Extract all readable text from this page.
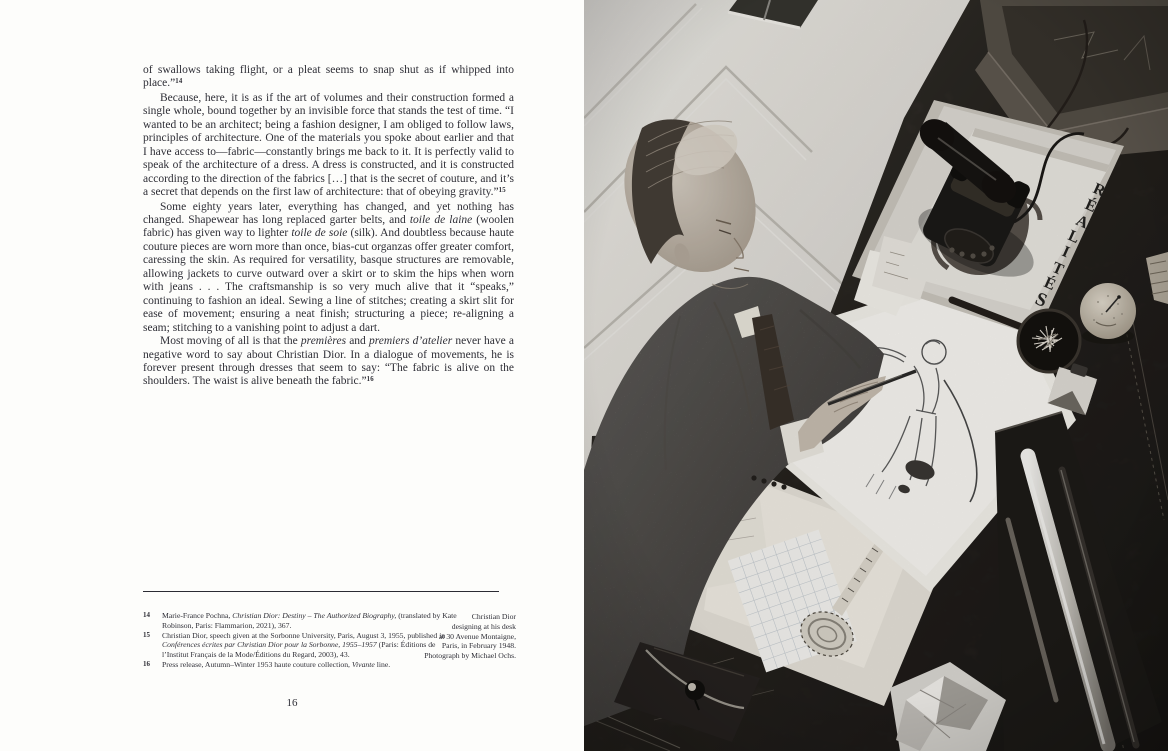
of swallows taking flight, or a pleat seems to snap shut as if whipped into place.”$^{14}$

Because, here, it is as if the art of volumes and their construction formed a single whole, bound together by an invisible force that stands the test of time. “I wanted to be an architect; being a fashion designer, I am obliged to follow laws, principles of architecture. One of the materials you spoke about earlier and that I have access to—fabric—constantly brings me back to it. It is perfectly valid to speak of the architecture of a dress. A dress is constructed, and it is constructed according to the direction of the fabrics […] that is the secret of couture, and it’s a secret that depends on the first law of architecture: that of obeying gravity.”$^{15}$

Some eighty years later, everything has changed, and yet nothing has changed. Shapewear has long replaced garter belts, and toile de laine (woolen fabric) has given way to lighter toile de soie (silk). And doubtless because haute couture pieces are worn more than once, bias-cut organzas offer greater comfort, caressing the skin. As required for versatility, basque structures are removable, allowing jackets to curve outward over a skirt or to skim the hips when worn with jeans . . . The craftsmanship is so very much alive that it “speaks,” continuing to fashion an ideal. Sewing a line of stitches; creating a skirt slit for ease of movement; ensuring a neat finish; structuring a piece; re-aligning a seam; stitching to a vanishing point to adjust a dart.

Most moving of all is that the premières and premiers d’atelier never have a negative word to say about Christian Dior. In a dialogue of movements, he is forever present through dresses that seem to say: “The fabric is alive on the shoulders. The waist is alive beneath the fabric.”$^{16}$

14 Marie-France Pochna, Christian Dior: Destiny – The Authorized Biography, (translated by Kate Robinson, Paris: Flammarion, 2021), 367.
15 Christian Dior, speech given at the Sorbonne University, Paris, August 3, 1955, published in Conférences écrites par Christian Dior pour la Sorbonne, 1955–1957 (Paris: Éditions de l’Institut Français de la Mode/Éditions du Regard, 2003), 43.
16 Press release, Autumn–Winter 1953 haute couture collection, Vivante line.
Christian Dior
designing at his desk
at 30 Avenue Montaigne,
Paris, in February 1948.
Photograph by Michael Ochs.
16
